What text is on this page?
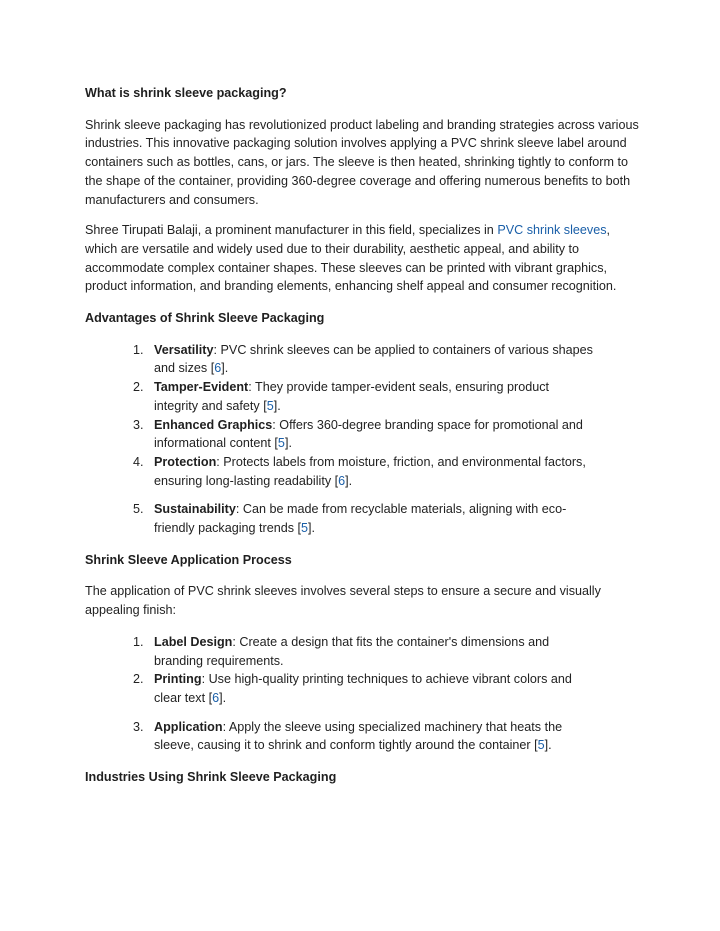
What is shrink sleeve packaging?

Shrink sleeve packaging has revolutionized product labeling and branding strategies across various industries. This innovative packaging solution involves applying a PVC shrink sleeve label around containers such as bottles, cans, or jars. The sleeve is then heated, shrinking tightly to conform to the shape of the container, providing 360-degree coverage and offering numerous benefits to both manufacturers and consumers.

Shree Tirupati Balaji, a prominent manufacturer in this field, specializes in PVC shrink sleeves, which are versatile and widely used due to their durability, aesthetic appeal, and ability to accommodate complex container shapes. These sleeves can be printed with vibrant graphics, product information, and branding elements, enhancing shelf appeal and consumer recognition.

Advantages of Shrink Sleeve Packaging

1. Versatility: PVC shrink sleeves can be applied to containers of various shapes and sizes [6].
2. Tamper-Evident: They provide tamper-evident seals, ensuring product integrity and safety [5].
3. Enhanced Graphics: Offers 360-degree branding space for promotional and informational content [5].
4. Protection: Protects labels from moisture, friction, and environmental factors, ensuring long-lasting readability [6].
5. Sustainability: Can be made from recyclable materials, aligning with eco-friendly packaging trends [5].

Shrink Sleeve Application Process

The application of PVC shrink sleeves involves several steps to ensure a secure and visually appealing finish:

1. Label Design: Create a design that fits the container's dimensions and branding requirements.
2. Printing: Use high-quality printing techniques to achieve vibrant colors and clear text [6].
3. Application: Apply the sleeve using specialized machinery that heats the sleeve, causing it to shrink and conform tightly around the container [5].

Industries Using Shrink Sleeve Packaging
